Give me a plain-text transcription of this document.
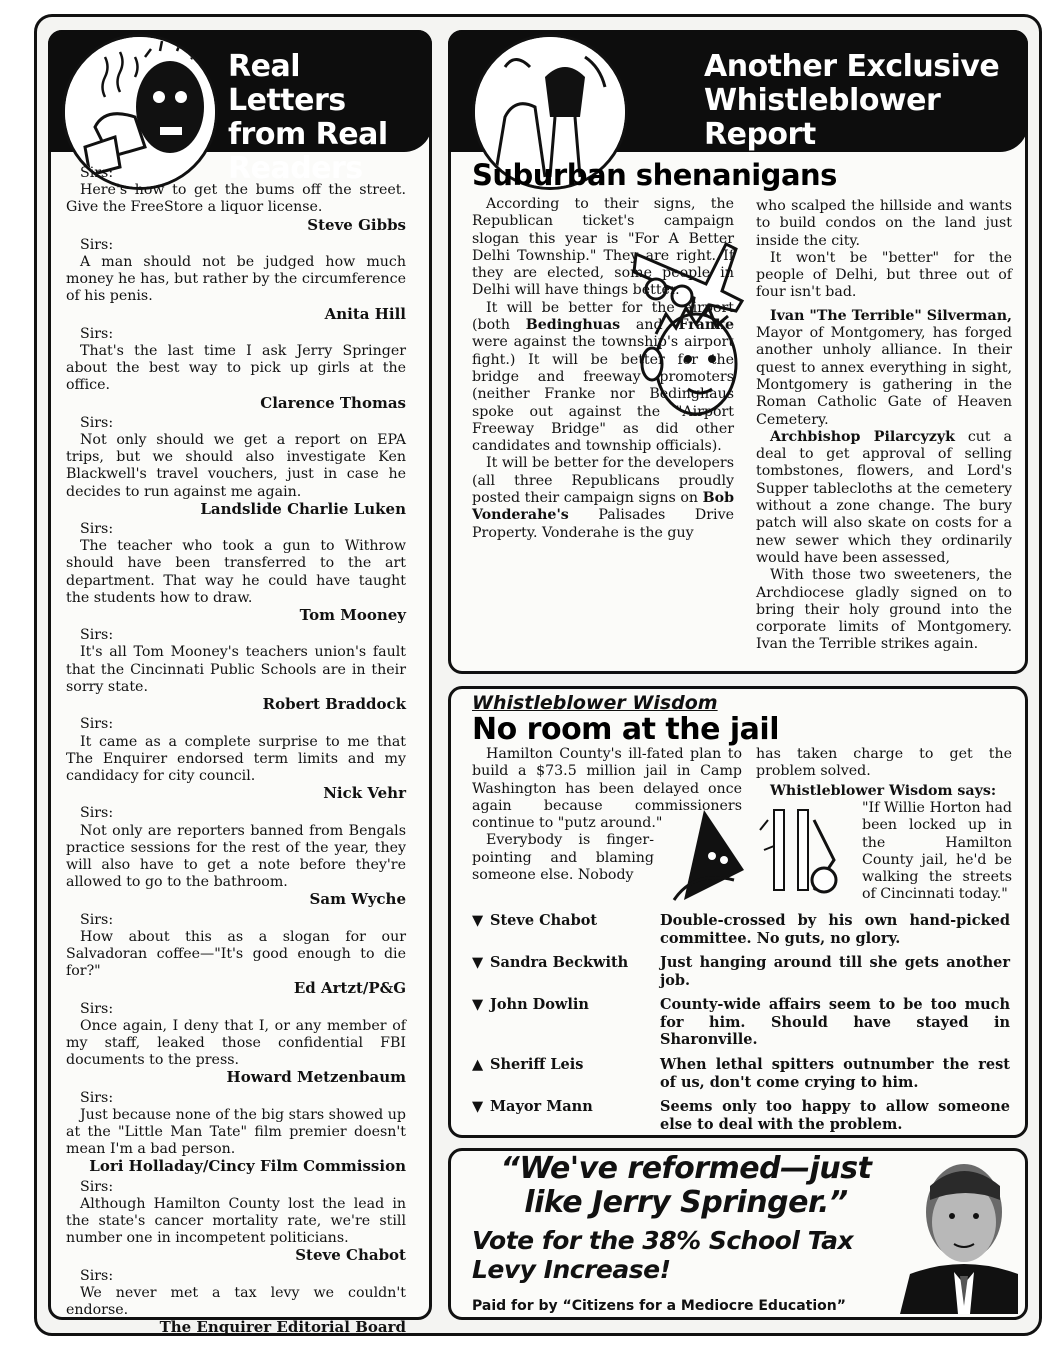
Real Letters
from Real
Readers

Sirs:

Here's how to get the bums off the street. Give the FreeStore a liquor license.

Steve Gibbs

Sirs:

A man should not be judged how much money he has, but rather by the circumference of his penis.

Anita Hill

Sirs:

That's the last time I ask Jerry Springer about the best way to pick up girls at the office.

Clarence Thomas

Sirs:

Not only should we get a report on EPA trips, but we should also investigate Ken Blackwell's travel vouchers, just in case he decides to run against me again.

Landslide Charlie Luken

Sirs:

The teacher who took a gun to Withrow should have been transferred to the art department. That way he could have taught the students how to draw.

Tom Mooney

Sirs:

It's all Tom Mooney's teachers union's fault that the Cincinnati Public Schools are in their sorry state.

Robert Braddock

Sirs:

It came as a complete surprise to me that The Enquirer endorsed term limits and my candidacy for city council.

Nick Vehr

Sirs:

Not only are reporters banned from Bengals practice sessions for the rest of the year, they will also have to get a note before they're allowed to go to the bathroom.

Sam Wyche

Sirs:

How about this as a slogan for our Salvadoran coffee—"It's good enough to die for?"

Ed Artzt/P&G

Sirs:

Once again, I deny that I, or any member of my staff, leaked those confidential FBI documents to the press.

Howard Metzenbaum

Sirs:

Just because none of the big stars showed up at the "Little Man Tate" film premier doesn't mean I'm a bad person.

Lori Holladay/Cincy Film Commission

Sirs:

Although Hamilton County lost the lead in the state's cancer mortality rate, we're still number one in incompetent politicians.

Steve Chabot

Sirs:

We never met a tax levy we couldn't endorse.

The Enquirer Editorial Board

Another Exclusive
Whistleblower
Report
Suburban shenanigans

According to their signs, the Republican ticket's campaign slogan this year is "For A Better Delhi Township." They are right. If they are elected, some people in Delhi will have things better.

It will be better for the airport (both Bedinghuas and Franke were against the township's airport fight.) It will be better for the bridge and freeway promoters (neither Franke nor Bedinghaus spoke out against the "Airport Freeway Bridge" as did other candidates and township officials).

It will be better for the developers (all three Republicans proudly posted their campaign signs on Bob Vonderahe's Palisades Drive Property. Vonderahe is the guy

who scalped the hillside and wants to build condos on the land just inside the city.

It won't be "better" for the people of Delhi, but three out of four isn't bad.

Ivan "The Terrible" Silverman, Mayor of Montgomery, has forged another unholy alliance. In their quest to annex everything in sight, Montgomery is gathering in the Roman Catholic Gate of Heaven Cemetery.

Archbishop Pilarcyzyk cut a deal to get approval of selling tombstones, flowers, and Lord's Supper tablecloths at the cemetery without a zone change. The bury patch will also skate on costs for a new sewer which they ordinarily would have been assessed,

With those two sweeteners, the Archdiocese gladly signed on to bring their holy ground into the corporate limits of Montgomery. Ivan the Terrible strikes again.

Whistleblower Wisdom
No room at the jail

Hamilton County's ill-fated plan to build a $73.5 million jail in Camp Washington has been delayed once again because commissioners continue to "putz around."

Everybody is finger-pointing and blaming someone else. Nobody

has taken charge to get the problem solved.

Whistleblower Wisdom says:

"If Willie Horton had been locked up in the Hamilton County jail, he'd be walking the streets of Cincinnati today."

▼ Steve Chabot	Double-crossed by his own hand-picked committee. No guts, no glory.
▼ Sandra Beckwith	Just hanging around till she gets another job.
▼ John Dowlin	County-wide affairs seem to be too much for him. Should have stayed in Sharonville.
▲ Sheriff Leis	When lethal spitters outnumber the rest of us, don't come crying to him.
▼ Mayor Mann	Seems only too happy to allow someone else to deal with the problem.
“We've reformed—just
like Jerry Springer.”
Vote for the 38% School Tax
Levy Increase!
Paid for by “Citizens for a Mediocre Education”
